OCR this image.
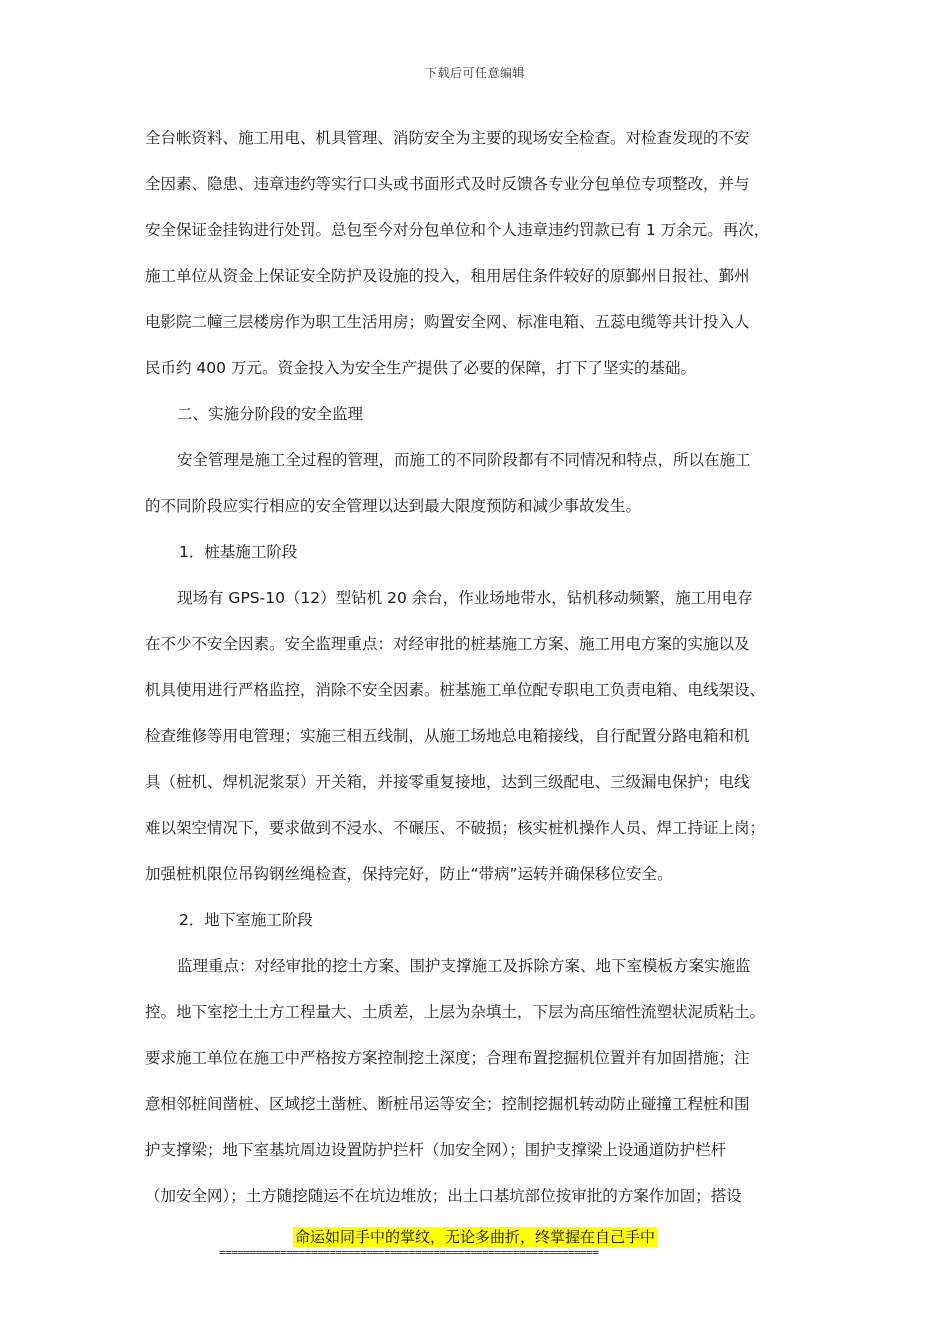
下载后可任意编辑
全台帐资料、施工用电、机具管理、消防安全为主要的现场安全检查。对检查发现的不安
全因素、隐患、违章违约等实行口头或书面形式及时反馈各专业分包单位专项整改，并与
安全保证金挂钩进行处罚。总包至今对分包单位和个人违章违约罚款已有 1 万余元。再次，
施工单位从资金上保证安全防护及设施的投入，租用居住条件较好的原鄞州日报社、鄞州
电影院二幢三层楼房作为职工生活用房；购置安全网、标准电箱、五蕊电缆等共计投入人
民币约 400 万元。资金投入为安全生产提供了必要的保障，打下了坚实的基础。
二、实施分阶段的安全监理
安全管理是施工全过程的管理，而施工的不同阶段都有不同情况和特点，所以在施工
的不同阶段应实行相应的安全管理以达到最大限度预防和减少事故发生。
1．桩基施工阶段
现场有 GPS-10（12）型钻机 20 余台，作业场地带水，钻机移动频繁，施工用电存
在不少不安全因素。安全监理重点：对经审批的桩基施工方案、施工用电方案的实施以及
机具使用进行严格监控，消除不安全因素。桩基施工单位配专职电工负责电箱、电线架设、
检查维修等用电管理；实施三相五线制，从施工场地总电箱接线，自行配置分路电箱和机
具（桩机、焊机泥浆泵）开关箱，并接零重复接地，达到三级配电、三级漏电保护；电线
难以架空情况下，要求做到不浸水、不碾压、不破损；核实桩机操作人员、焊工持证上岗；
加强桩机限位吊钩钢丝绳检查，保持完好，防止“带病”运转并确保移位安全。
2．地下室施工阶段
监理重点：对经审批的挖土方案、围护支撑施工及拆除方案、地下室模板方案实施监
控。地下室挖土土方工程量大、土质差，上层为杂填土，下层为高压缩性流塑状泥质粘土。
要求施工单位在施工中严格按方案控制挖土深度；合理布置挖掘机位置并有加固措施；注
意相邻桩间凿桩、区域挖土凿桩、断桩吊运等安全；控制挖掘机转动防止碰撞工程桩和围
护支撑梁；地下室基坑周边设置防护拦杆（加安全网）；围护支撑梁上设通道防护栏杆
（加安全网）；土方随挖随运不在坑边堆放；出土口基坑部位按审批的方案作加固；搭设
命运如同手中的掌纹，无论多曲折，终掌握在自己手中
==============================================================
